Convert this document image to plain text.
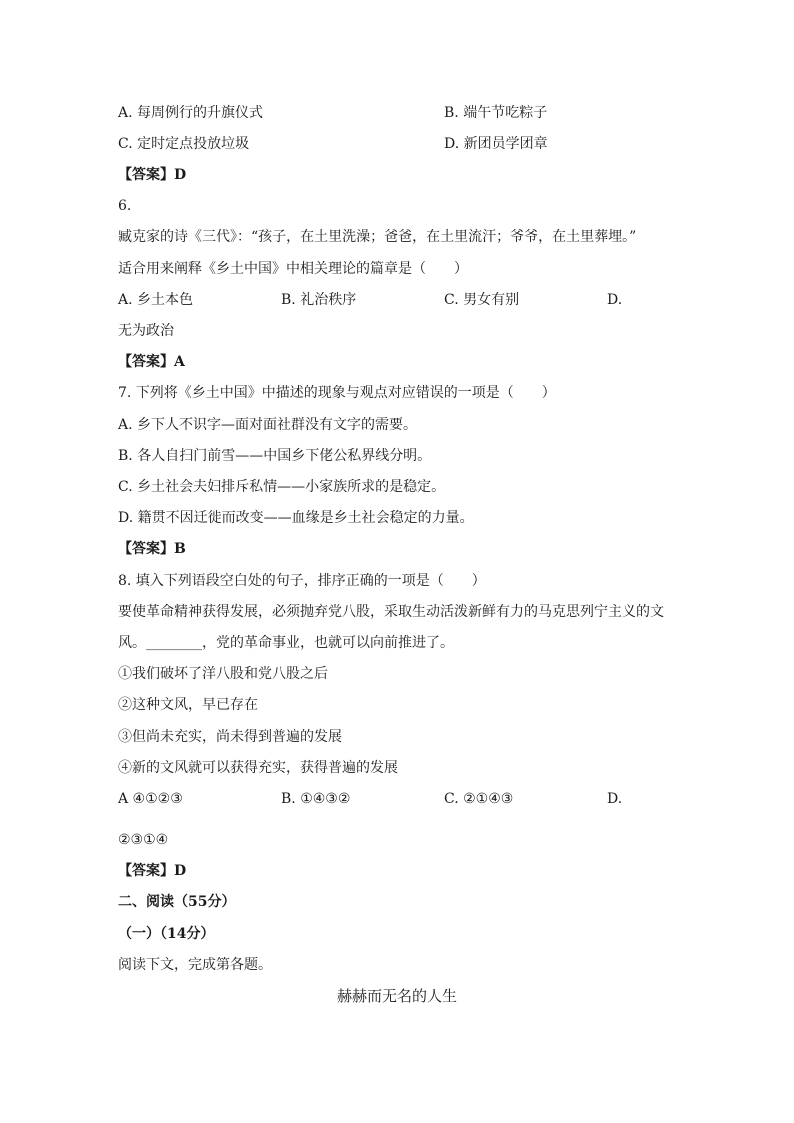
A. 每周例行的升旗仪式	B. 端午节吃粽子
C. 定时定点投放垃圾	D. 新团员学团章
【答案】D
6.
臧克家的诗《三代》：“孩子，在土里洗澡；爸爸，在土里流汗；爷爷，在土里葬埋。”
适合用来阐释《乡土中国》中相关理论的篇章是（　　）
A. 乡土本色	B. 礼治秩序	C. 男女有别	D.
无为政治
【答案】A
7. 下列将《乡土中国》中描述的现象与观点对应错误的一项是（　　）
A. 乡下人不识字—面对面社群没有文字的需要。
B. 各人自扫门前雪——中国乡下佬公私界线分明。
C. 乡土社会夫妇排斥私情——小家族所求的是稳定。
D. 籍贯不因迁徙而改变——血缘是乡土社会稳定的力量。
【答案】B
8. 填入下列语段空白处的句子，排序正确的一项是（　　）
要使革命精神获得发展，必须抛弃党八股，采取生动活泼新鲜有力的马克思列宁主义的文
风。________，党的革命事业，也就可以向前推进了。
①我们破坏了洋八股和党八股之后
②这种文风，早已存在
③但尚未充实，尚未得到普遍的发展
④新的文风就可以获得充实，获得普遍的发展
A ④①②③	B. ①④③②	C. ②①④③	D.
②③①④
【答案】D
二、阅读（55分）
（一）（14分）
阅读下文，完成第各题。
赫赫而无名的人生
